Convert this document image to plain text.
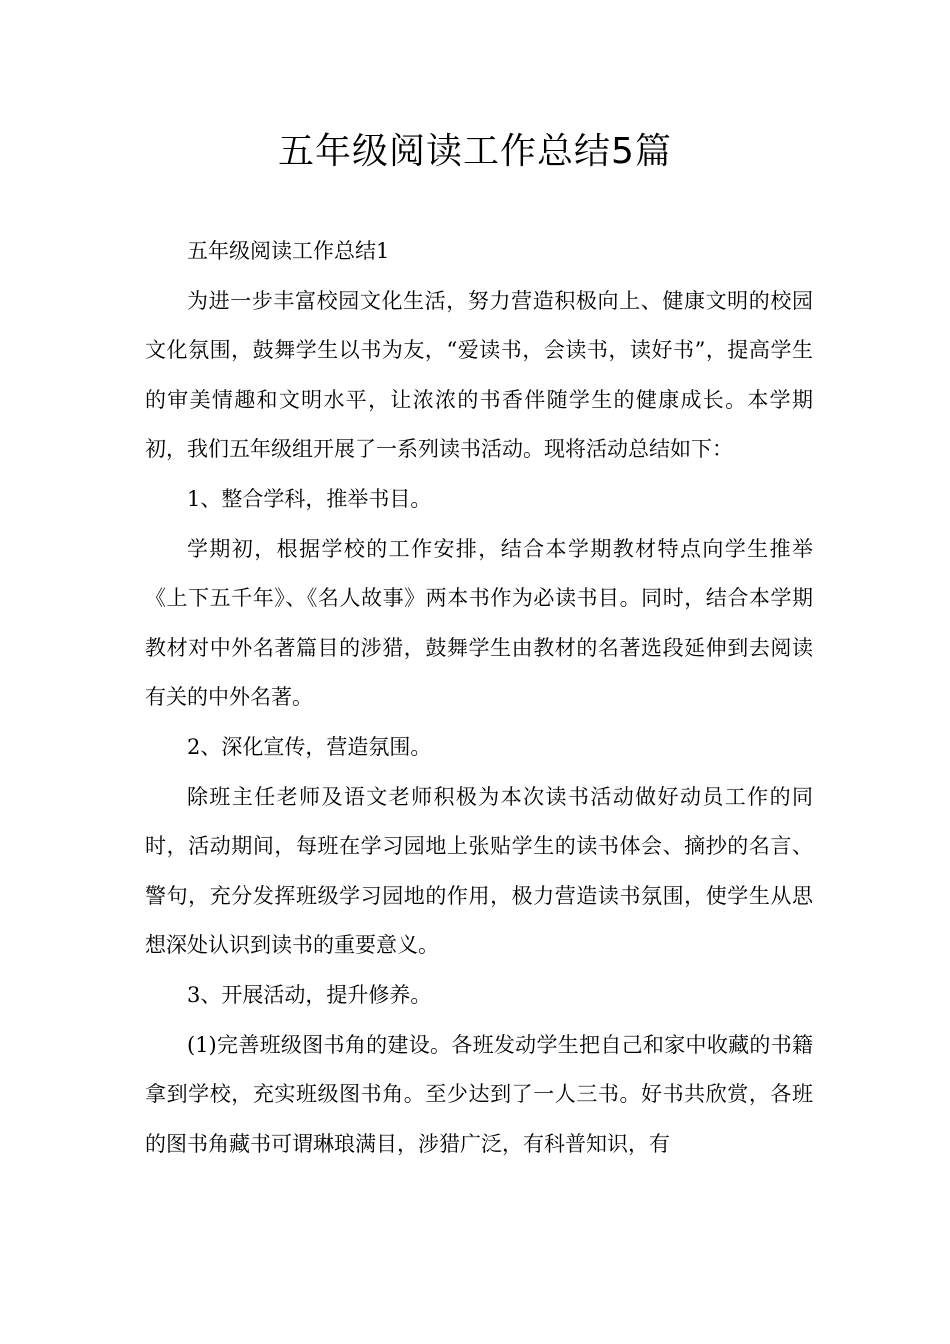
五年级阅读工作总结5篇

五年级阅读工作总结1

为进一步丰富校园文化生活，努力营造积极向上、健康文明的校园文化氛围，鼓舞学生以书为友，“爱读书，会读书，读好书”，提高学生的审美情趣和文明水平，让浓浓的书香伴随学生的健康成长。本学期初，我们五年级组开展了一系列读书活动。现将活动总结如下：

1、整合学科，推举书目。

学期初，根据学校的工作安排，结合本学期教材特点向学生推举《上下五千年》、《名人故事》两本书作为必读书目。同时，结合本学期教材对中外名著篇目的涉猎，鼓舞学生由教材的名著选段延伸到去阅读有关的中外名著。

2、深化宣传，营造氛围。

除班主任老师及语文老师积极为本次读书活动做好动员工作的同时，活动期间，每班在学习园地上张贴学生的读书体会、摘抄的名言、警句，充分发挥班级学习园地的作用，极力营造读书氛围，使学生从思想深处认识到读书的重要意义。

3、开展活动，提升修养。

(1)完善班级图书角的建设。各班发动学生把自己和家中收藏的书籍拿到学校，充实班级图书角。至少达到了一人三书。好书共欣赏，各班的图书角藏书可谓琳琅满目，涉猎广泛，有科普知识，有
